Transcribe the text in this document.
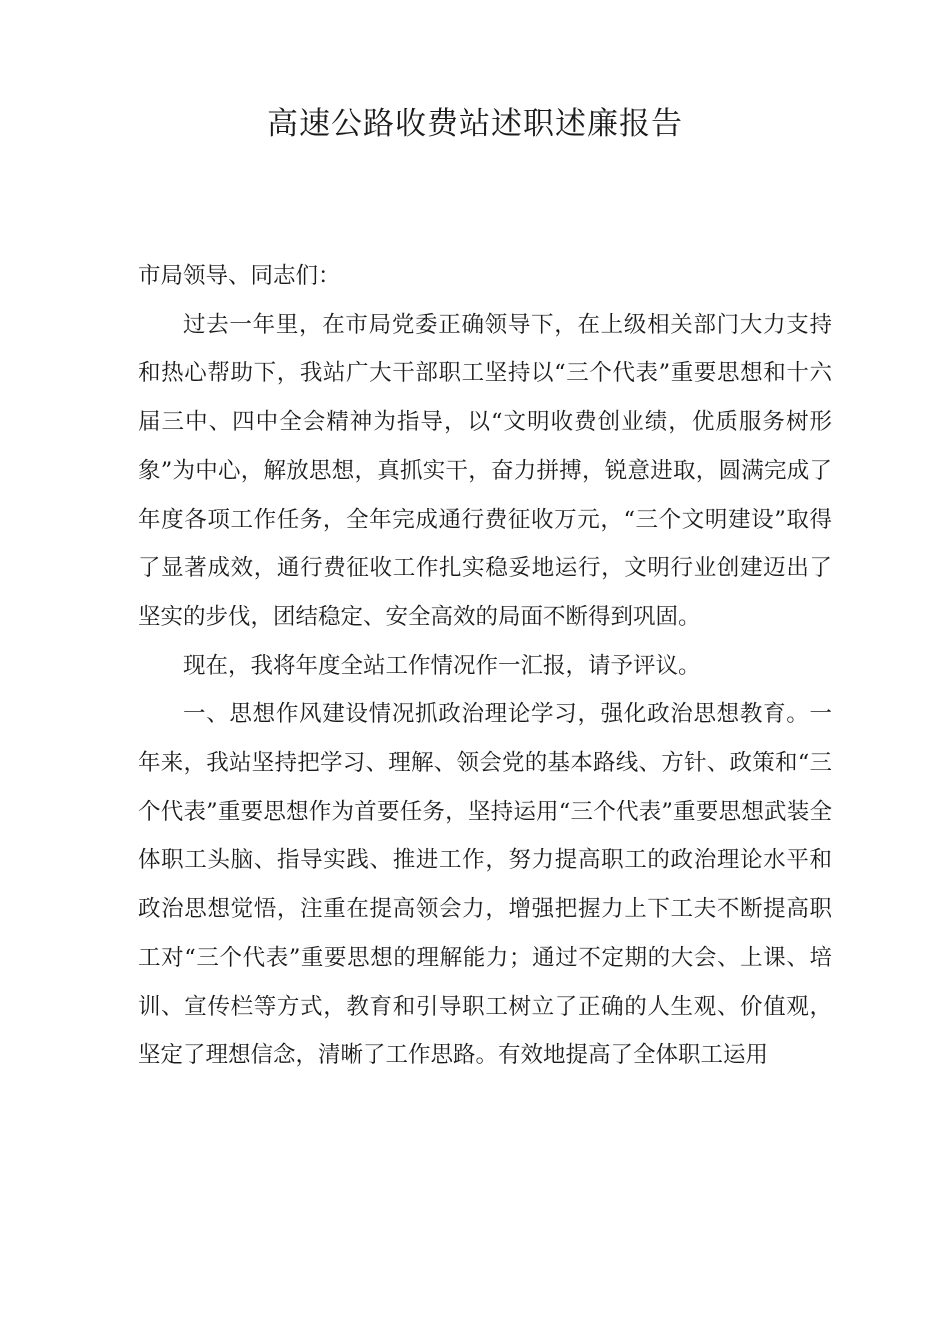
高速公路收费站述职述廉报告

市局领导、同志们：

过去一年里，在市局党委正确领导下，在上级相关部门大力支持和热心帮助下，我站广大干部职工坚持以“三个代表”重要思想和十六届三中、四中全会精神为指导，以“文明收费创业绩，优质服务树形象”为中心，解放思想，真抓实干，奋力拼搏，锐意进取，圆满完成了年度各项工作任务，全年完成通行费征收万元，“三个文明建设”取得了显著成效，通行费征收工作扎实稳妥地运行，文明行业创建迈出了坚实的步伐，团结稳定、安全高效的局面不断得到巩固。

现在，我将年度全站工作情况作一汇报，请予评议。

一、思想作风建设情况抓政治理论学习，强化政治思想教育。一年来，我站坚持把学习、理解、领会党的基本路线、方针、政策和“三个代表”重要思想作为首要任务，坚持运用“三个代表”重要思想武装全体职工头脑、指导实践、推进工作，努力提高职工的政治理论水平和政治思想觉悟，注重在提高领会力，增强把握力上下工夫不断提高职工对“三个代表”重要思想的理解能力；通过不定期的大会、上课、培训、宣传栏等方式，教育和引导职工树立了正确的人生观、价值观，坚定了理想信念，清晰了工作思路。有效地提高了全体职工运用
